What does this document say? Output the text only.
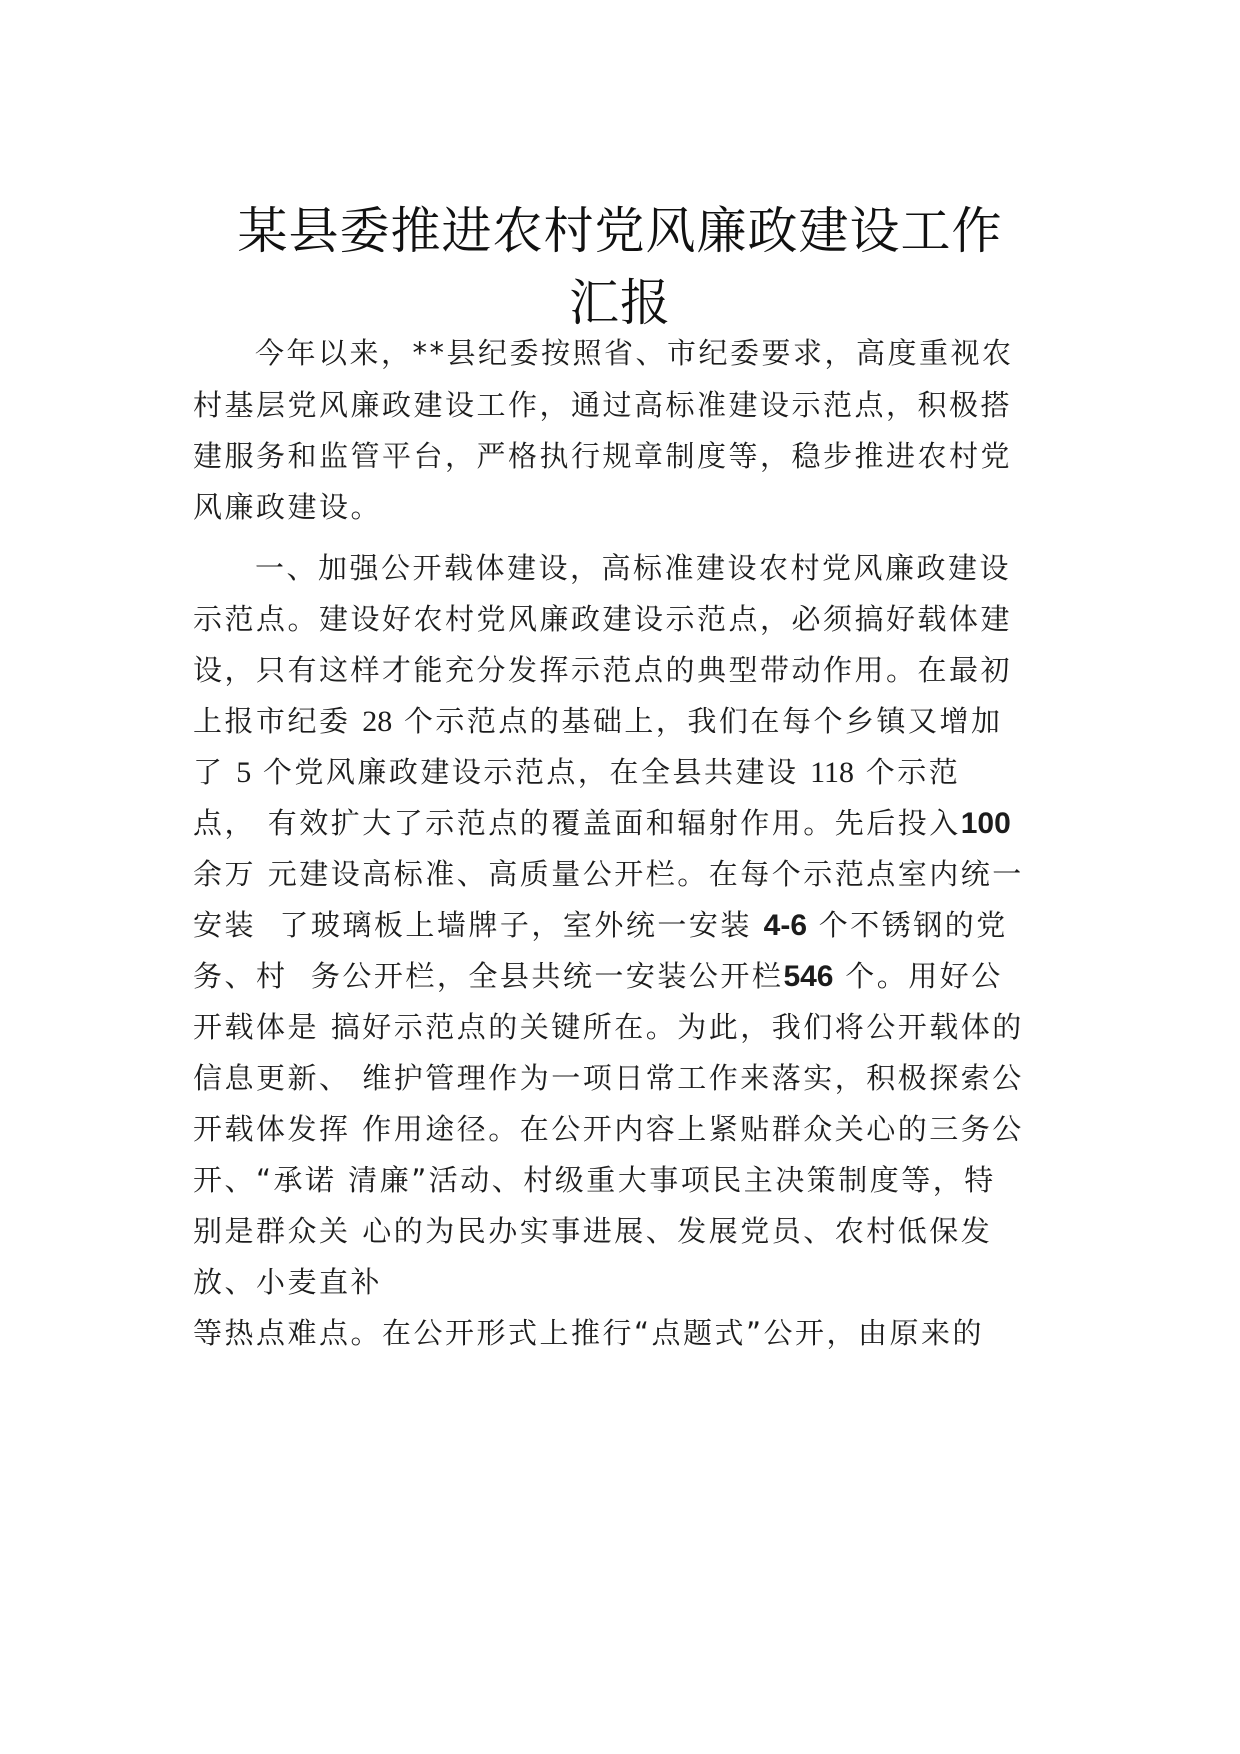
某县委推进农村党风廉政建设工作
汇报
今年以来，**县纪委按照省、市纪委要求，高度重视农
村基层党风廉政建设工作，通过高标准建设示范点，积极搭
建服务和监管平台，严格执行规章制度等，稳步推进农村党
风廉政建设。
一、加强公开载体建设，高标准建设农村党风廉政建设
示范点。建设好农村党风廉政建设示范点，必须搞好载体建
设，只有这样才能充分发挥示范点的典型带动作用。在最初
上报市纪委 28 个示范点的基础上，我们在每个乡镇又增加
了 5 个党风廉政建设示范点，在全县共建设 118 个示范
点， 有效扩大了示范点的覆盖面和辐射作用。先后投入100
余万 元建设高标准、高质量公开栏。在每个示范点室内统一
安装  了玻璃板上墙牌子，室外统一安装 4-6 个不锈钢的党
务、村  务公开栏，全县共统一安装公开栏546 个。用好公
开载体是 搞好示范点的关键所在。为此，我们将公开载体的
信息更新、 维护管理作为一项日常工作来落实，积极探索公
开载体发挥 作用途径。在公开内容上紧贴群众关心的三务公
开、“承诺 清廉”活动、村级重大事项民主决策制度等，特
别是群众关 心的为民办实事进展、发展党员、农村低保发
放、小麦直补
等热点难点。在公开形式上推行“点题式”公开，由原来的
